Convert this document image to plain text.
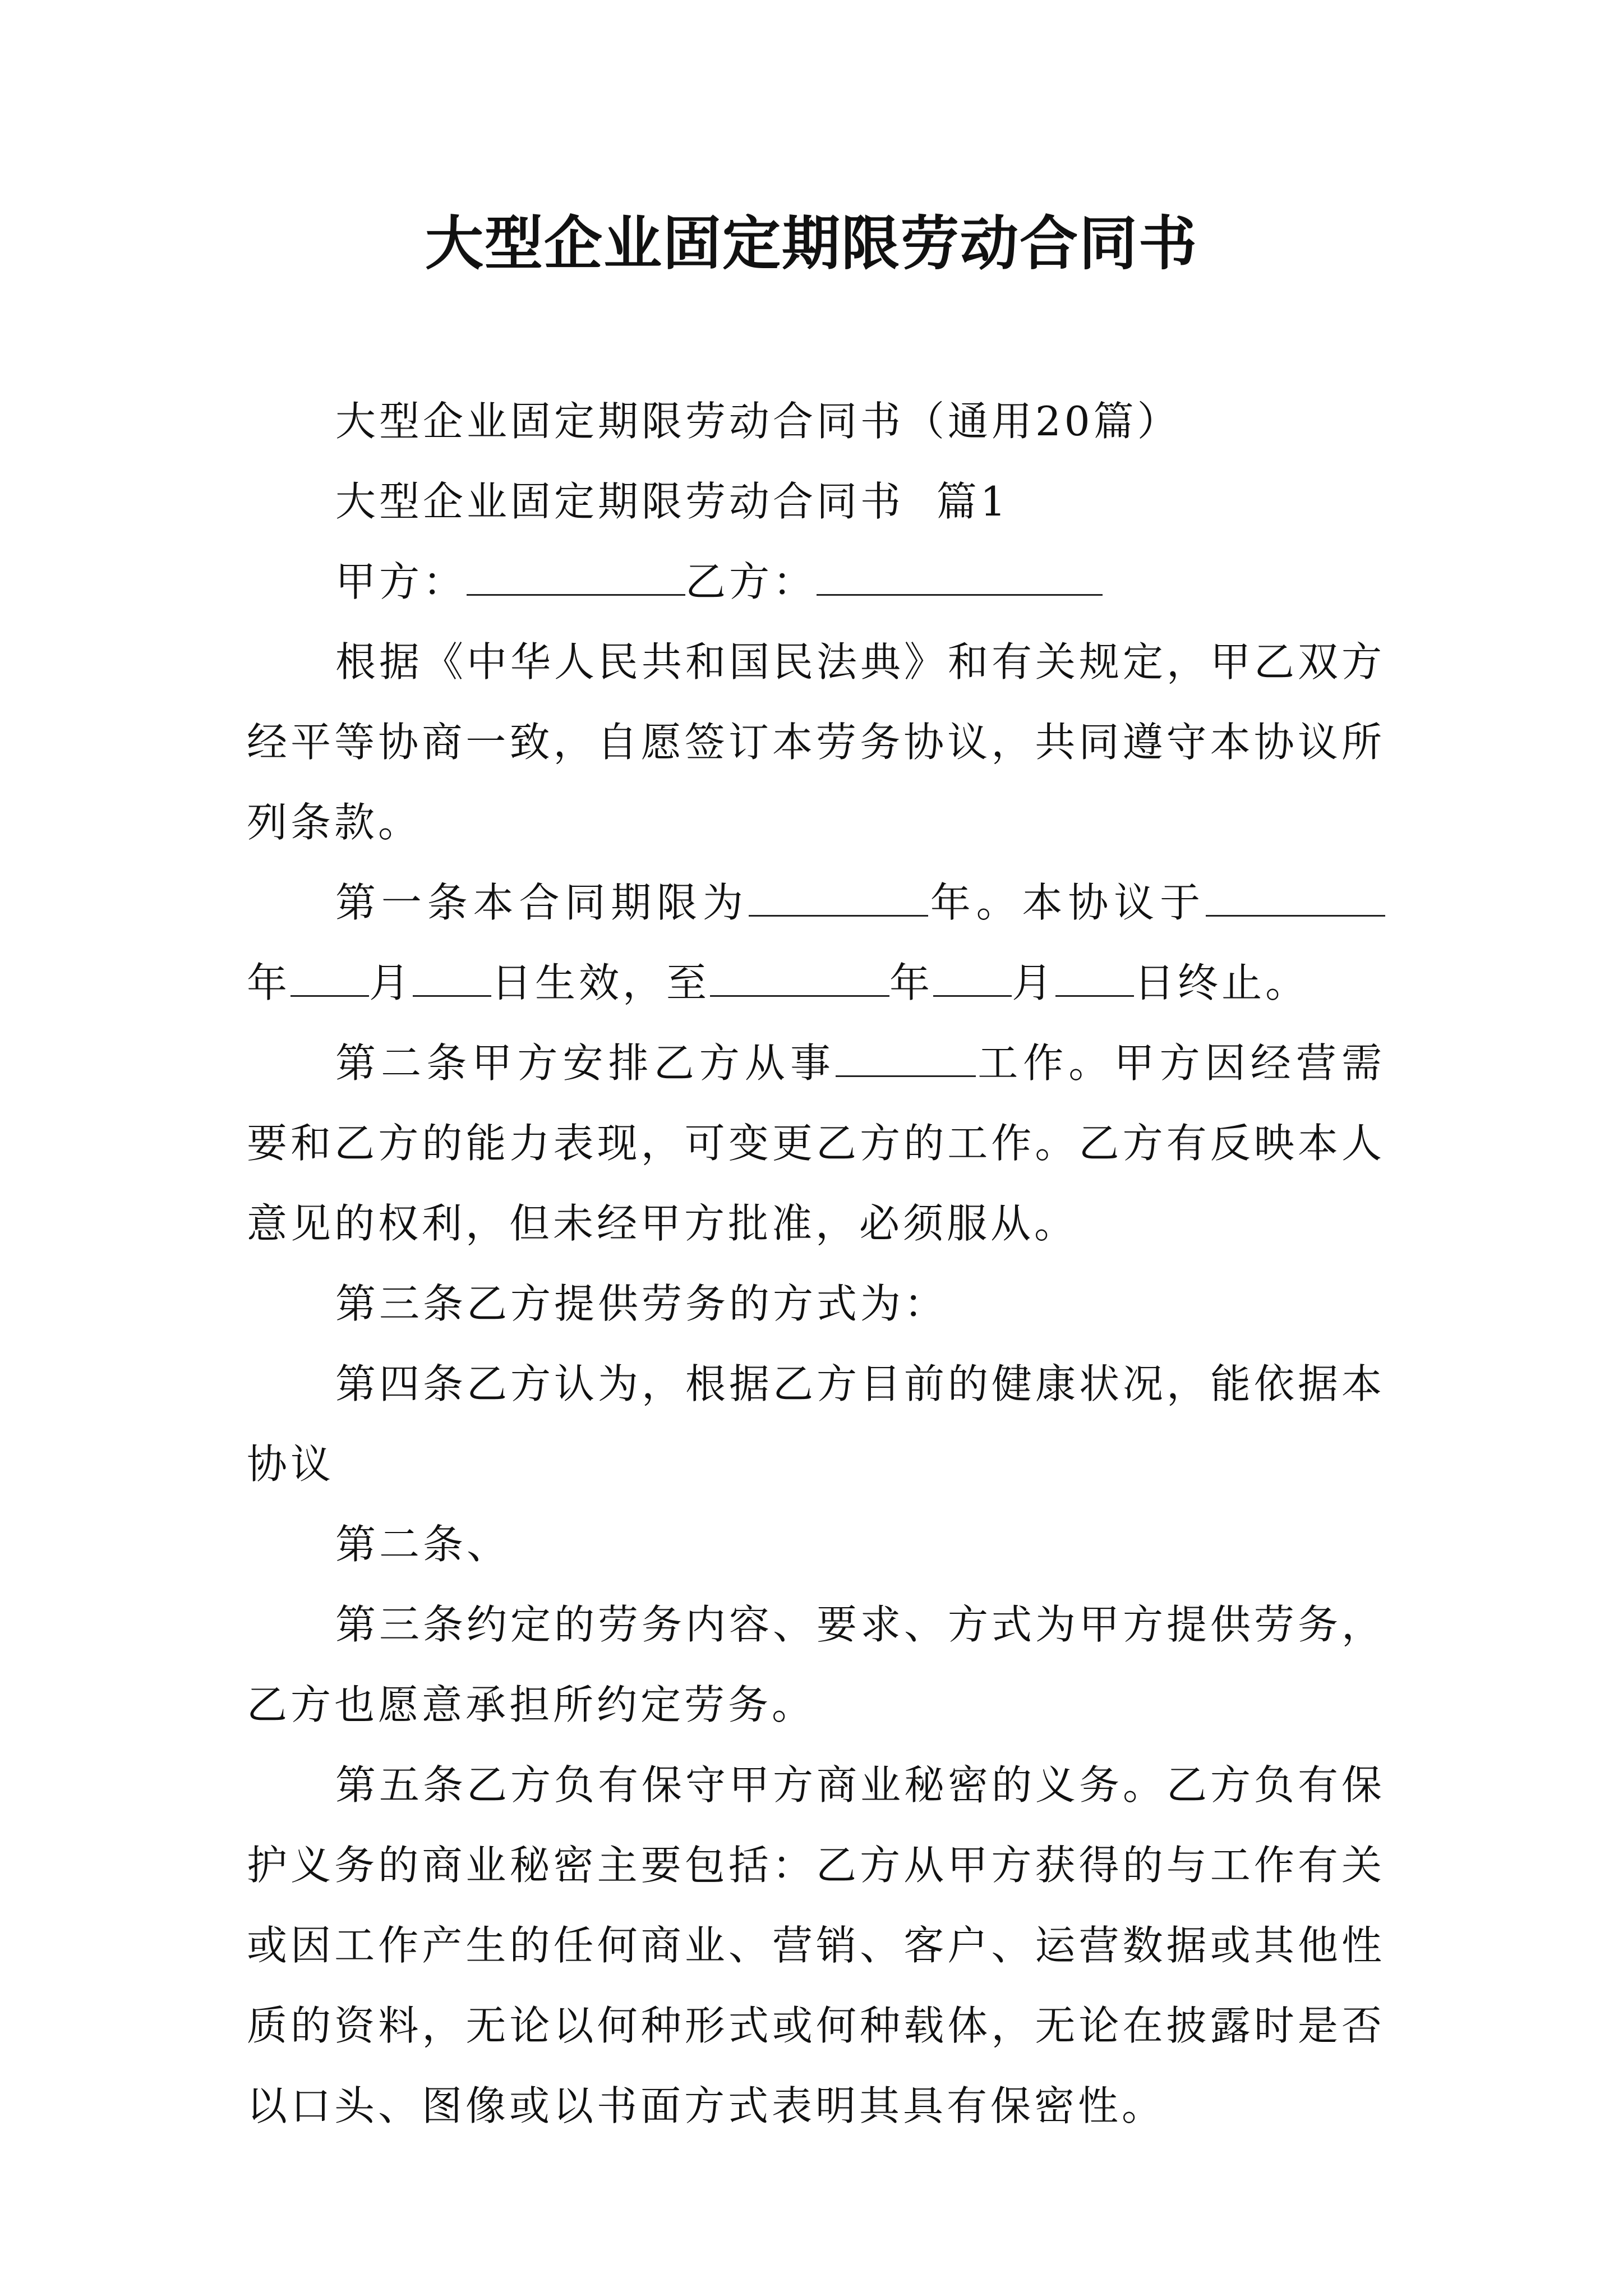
大型企业固定期限劳动合同书

大型企业固定期限劳动合同书（通用20篇）

大型企业固定期限劳动合同书  篇1

甲方：	乙方：

根据《中华人民共和国民法典》和有关规定，甲乙双方经平等协商一致，自愿签订本劳务协议，共同遵守本协议所列条款。

第一条本合同期限为	年。本协议于年 月 日生效，至	年 月 日终止。

第二条甲方安排乙方从事	工作。甲方因经营需要和乙方的能力表现，可变更乙方的工作。乙方有反映本人意见的权利，但未经甲方批准，必须服从。

第三条乙方提供劳务的方式为：

第四条乙方认为，根据乙方目前的健康状况，能依据本协议

第二条、

第三条约定的劳务内容、要求、方式为甲方提供劳务，乙方也愿意承担所约定劳务。

第五条乙方负有保守甲方商业秘密的义务。乙方负有保护义务的商业秘密主要包括：乙方从甲方获得的与工作有关或因工作产生的任何商业、营销、客户、运营数据或其他性质的资料，无论以何种形式或何种载体，无论在披露时是否以口头、图像或以书面方式表明其具有保密性。
